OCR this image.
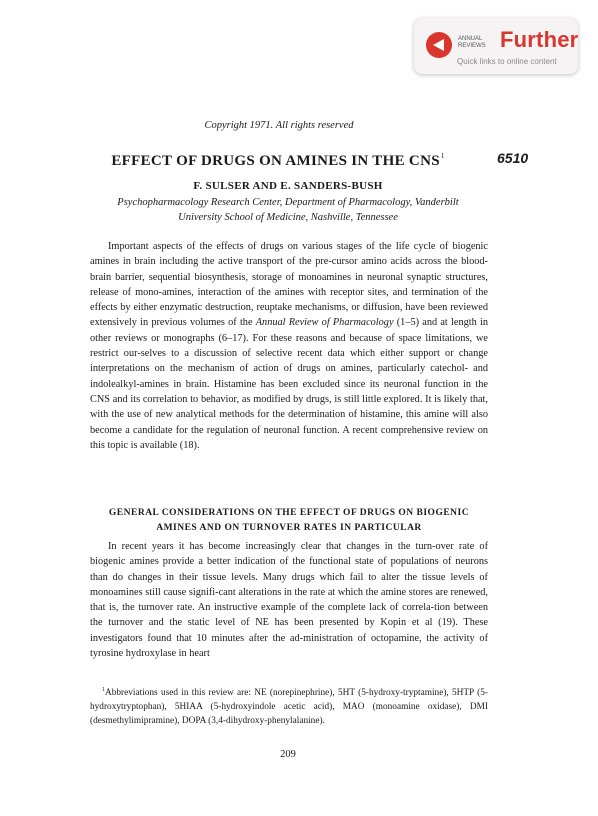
ANNUAL
REVIEWS Further
Quick links to online content
Copyright 1971. All rights reserved
EFFECT OF DRUGS ON AMINES IN THE CNS$^1$	6510
F. SULSER AND E. SANDERS-BUSH
Psychopharmacology Research Center, Department of Pharmacology, Vanderbilt
University School of Medicine, Nashville, Tennessee

Important aspects of the effects of drugs on various stages of the life cycle of biogenic amines in brain including the active transport of the pre-cursor amino acids across the blood-brain barrier, sequential biosynthesis, storage of monoamines in neuronal synaptic structures, release of mono-amines, interaction of the amines with receptor sites, and termination of the effects by either enzymatic destruction, reuptake mechanisms, or diffusion, have been reviewed extensively in previous volumes of the Annual Review of Pharmacology (1–5) and at length in other reviews or monographs (6–17). For these reasons and because of space limitations, we restrict our-selves to a discussion of selective recent data which either support or change interpretations on the mechanism of action of drugs on amines, particularly catechol- and indolealkyl-amines in brain. Histamine has been excluded since its neuronal function in the CNS and its correlation to behavior, as modified by drugs, is still little explored. It is likely that, with the use of new analytical methods for the determination of histamine, this amine will also become a candidate for the regulation of neuronal function. A recent comprehensive review on this topic is available (18).

GENERAL CONSIDERATIONS ON THE EFFECT OF DRUGS ON BIOGENIC
AMINES AND ON TURNOVER RATES IN PARTICULAR

In recent years it has become increasingly clear that changes in the turn-over rate of biogenic amines provide a better indication of the functional state of populations of neurons than do changes in their tissue levels. Many drugs which fail to alter the tissue levels of monoamines still cause signifi-cant alterations in the rate at which the amine stores are renewed, that is, the turnover rate. An instructive example of the complete lack of correla-tion between the turnover and the static level of NE has been presented by Kopin et al (19). These investigators found that 10 minutes after the ad-ministration of octopamine, the activity of tyrosine hydroxylase in heart

$^1$Abbreviations used in this review are: NE (norepinephrine), 5HT (5-hydroxy-tryptamine), 5HTP (5-hydroxytryptophan), 5HIAA (5-hydroxyindole acetic acid), MAO (monoamine oxidase), DMI (desmethylimipramine), DOPA (3,4-dihydroxy-phenylalanine).
209
